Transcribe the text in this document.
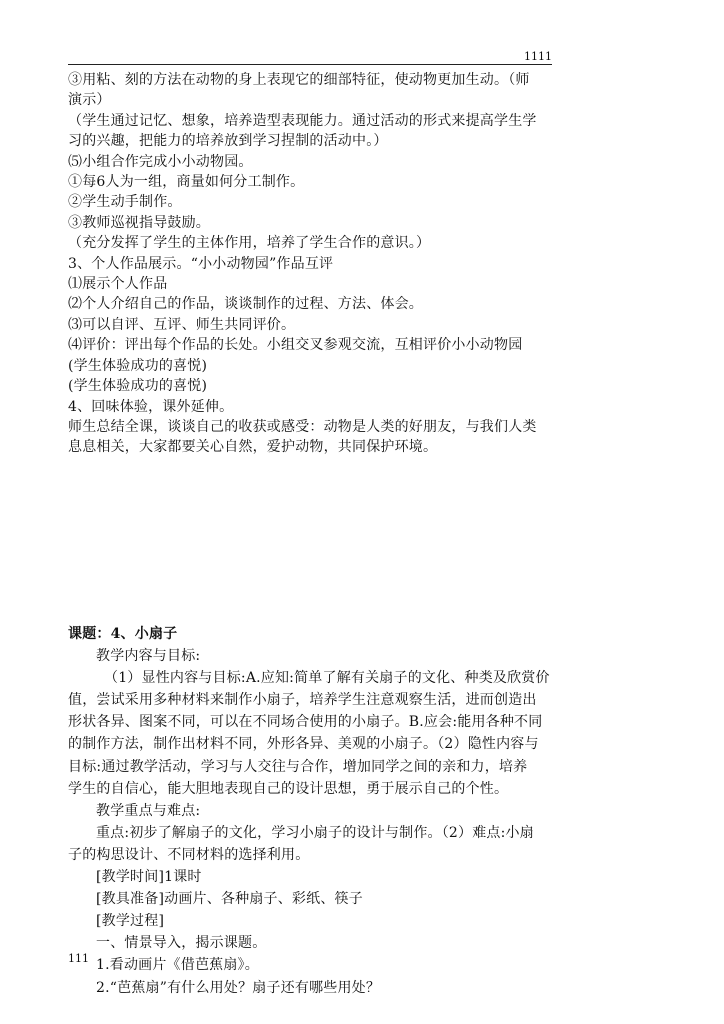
1111
③用粘、刻的方法在动物的身上表现它的细部特征，使动物更加生动。（师
演示）
（学生通过记忆、想象，培养造型表现能力。通过活动的形式来提高学生学
习的兴趣，把能力的培养放到学习捏制的活动中。）
⑸小组合作完成小小动物园。
①每6人为一组，商量如何分工制作。
②学生动手制作。
③教师巡视指导鼓励。
（充分发挥了学生的主体作用，培养了学生合作的意识。）
3、个人作品展示。“小小动物园”作品互评
⑴展示个人作品
⑵个人介绍自己的作品，谈谈制作的过程、方法、体会。
⑶可以自评、互评、师生共同评价。
⑷评价：评出每个作品的长处。小组交叉参观交流，互相评价小小动物园
(学生体验成功的喜悦)
(学生体验成功的喜悦)
4、回味体验，课外延伸。
师生总结全课，谈谈自己的收获或感受：动物是人类的好朋友，与我们人类
息息相关，大家都要关心自然，爱护动物，共同保护环境。
课题：4、小扇子
教学内容与目标:
（1）显性内容与目标:A.应知:简单了解有关扇子的文化、种类及欣赏价
值，尝试采用多种材料来制作小扇子，培养学生注意观察生活，进而创造出
形状各异、图案不同，可以在不同场合使用的小扇子。B.应会:能用各种不同
的制作方法，制作出材料不同，外形各异、美观的小扇子。（2）隐性内容与
目标:通过教学活动，学习与人交往与合作，增加同学之间的亲和力，培养
学生的自信心，能大胆地表现自己的设计思想，勇于展示自己的个性。
教学重点与难点:
重点:初步了解扇子的文化，学习小扇子的设计与制作。（2）难点:小扇
子的构思设计、不同材料的选择利用。
[教学时间]1课时
[教具准备]动画片、各种扇子、彩纸、筷子
[教学过程]
一、情景导入，揭示课题。
1.看动画片《借芭蕉扇》。
2.“芭蕉扇”有什么用处？扇子还有哪些用处？
111
